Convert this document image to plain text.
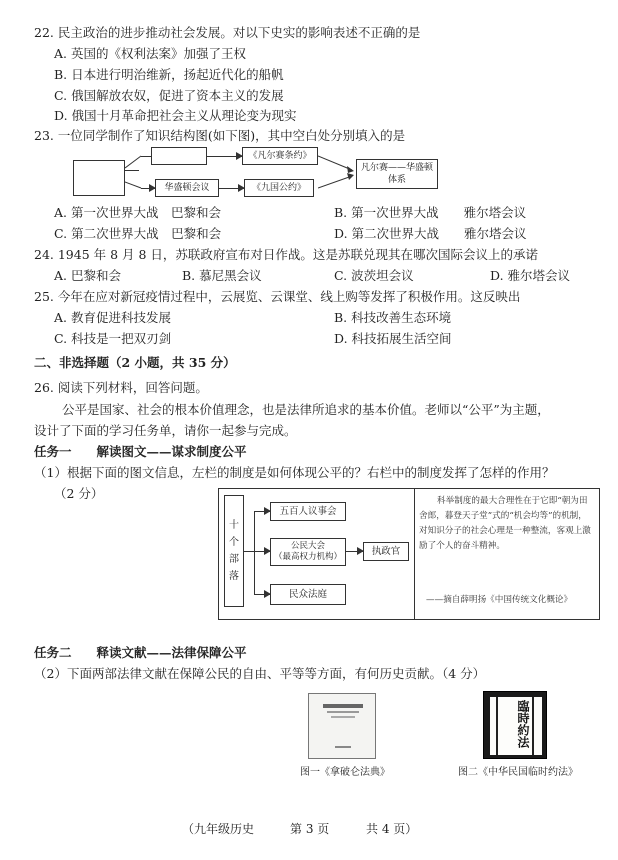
22. 民主政治的进步推动社会发展。对以下史实的影响表述不正确的是
A. 英国的《权利法案》加强了王权
B. 日本进行明治维新，扬起近代化的船帆
C. 俄国解放农奴，促进了资本主义的发展
D. 俄国十月革命把社会主义从理论变为现实
23. 一位同学制作了知识结构图(如下图)，其中空白处分别填入的是
《凡尔赛条约》
华盛顿会议	《九国公约》
凡尔赛——华盛顿
体系
A. 第一次世界大战　巴黎和会	B. 第一次世界大战　　雅尔塔会议
C. 第二次世界大战　巴黎和会	D. 第二次世界大战　　雅尔塔会议
24. 1945 年 8 月 8 日，苏联政府宣布对日作战。这是苏联兑现其在哪次国际会议上的承诺
A. 巴黎和会	B. 慕尼黑会议	C. 波茨坦会议	D. 雅尔塔会议
25. 今年在应对新冠疫情过程中，云展览、云课堂、线上购等发挥了积极作用。这反映出
A. 教育促进科技发展	B. 科技改善生态环境
C. 科技是一把双刃剑	D. 科技拓展生活空间
二、非选择题（2 小题，共 35 分）
26. 阅读下列材料，回答问题。
公平是国家、社会的根本价值理念，也是法律所追求的基本价值。老师以“公平”为主题，
设计了下面的学习任务单，请你一起参与完成。
任务一　　解读图文——谋求制度公平
（1）根据下面的图文信息，左栏的制度是如何体现公平的？右栏中的制度发挥了怎样的作用？
（2 分）
十
个
部
落
五百人议事会
公民大会
（最高权力机构）
执政官
民众法庭
科举制度的最大合理性在于它即“朝为田舍郎，暮登天子堂”式的“机会均等”的机制，对知识分子的社会心理是一种整流，客观上激励了个人的奋斗精神。
——摘自薛明扬《中国传统文化概论》
任务二　　释读文献——法律保障公平
（2）下面两部法律文献在保障公民的自由、平等等方面，有何历史贡献。（4 分）
图一《拿破仑法典》
臨時約法
图二《中华民国临时约法》
（九年级历史	第 3 页	共 4 页）
